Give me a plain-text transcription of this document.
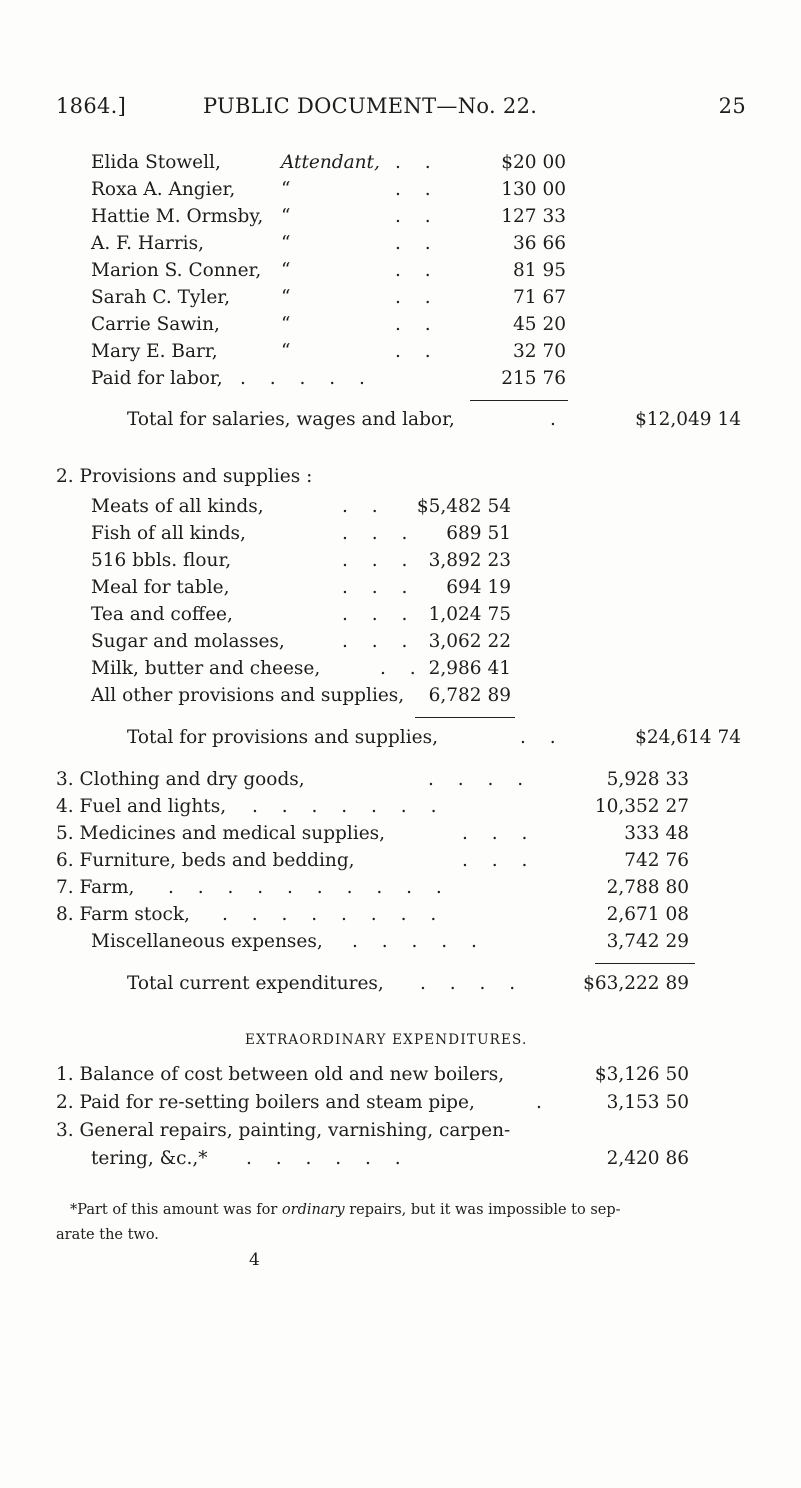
1864.]	PUBLIC DOCUMENT—No. 22.	25
Elida Stowell,	Attendant, . .	$20 00
Roxa A. Angier, “	. .	130 00
Hattie M. Ormsby, “	. .	127 33
A. F. Harris,	“	. .	36 66
Marion S. Conner, “	. .	81 95
Sarah C. Tyler,	“	. .	71 67
Carrie Sawin,	“	. .	45 20
Mary E. Barr,	“	. .	32 70
Paid for labor, . . . . .	215 76
Total for salaries, wages and labor,	.	$12,049 14
2. Provisions and supplies :
Meats of all kinds,	. . $5,482 54
Fish of all kinds,	. . . 689 51
516 bbls. flour,	. . . 3,892 23
Meal for table,	. . . 694 19
Tea and coffee,	. . . 1,024 75
Sugar and molasses,	. . . 3,062 22
Milk, butter and cheese,	. . 2,986 41
All other provisions and supplies, 6,782 89
Total for provisions and supplies,	. .	$24,614 74
3. Clothing and dry goods,	. . . .	5,928 33
4. Fuel and lights, . . . . . . .	10,352 27
5. Medicines and medical supplies,	. . .	333 48
6. Furniture, beds and bedding,	. . .	742 76
7. Farm, . . . . . . . . . .	2,788 80
8. Farm stock, . . . . . . . .	2,671 08
Miscellaneous expenses, . . . . .	3,742 29
Total current expenditures, . . . .	$63,222 89
EXTRAORDINARY EXPENDITURES.
1. Balance of cost between old and new boilers,	$3,126 50
2. Paid for re-setting boilers and steam pipe,	.	3,153 50
3. General repairs, painting, varnishing, carpen-
tering, &c.,* . . . . . .	2,420 86
*Part of this amount was for ordinary repairs, but it was impossible to sep-
arate the two.
4
